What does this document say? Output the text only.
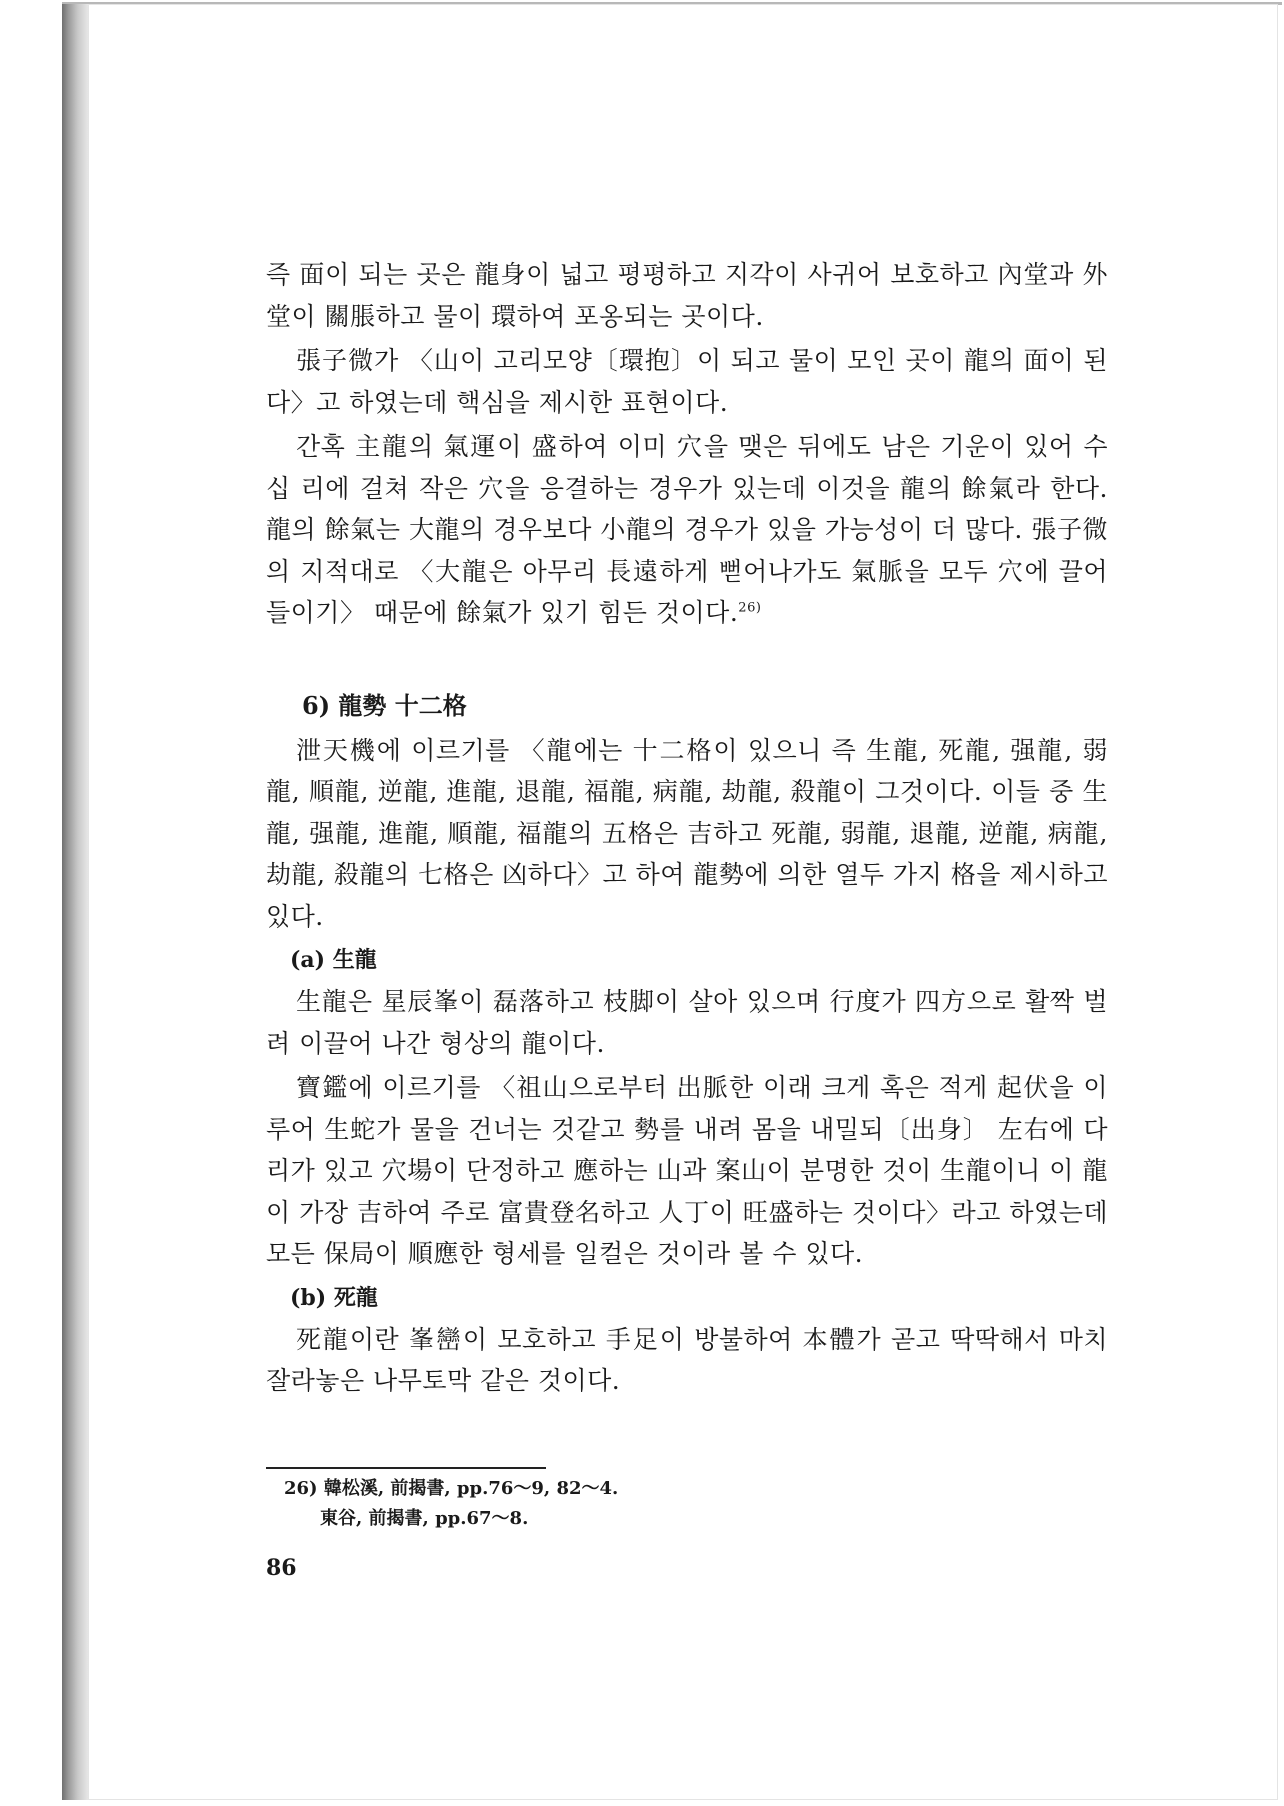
즉 面이 되는 곳은 龍身이 넓고 평평하고 지각이 사귀어 보호하고 內堂과 外堂이 關脹하고 물이 環하여 포옹되는 곳이다.

張子微가 〈山이 고리모양〔環抱〕이 되고 물이 모인 곳이 龍의 面이 된다〉고 하였는데 핵심을 제시한 표현이다.

간혹 主龍의 氣運이 盛하여 이미 穴을 맺은 뒤에도 남은 기운이 있어 수십 리에 걸쳐 작은 穴을 응결하는 경우가 있는데 이것을 龍의 餘氣라 한다. 龍의 餘氣는 大龍의 경우보다 小龍의 경우가 있을 가능성이 더 많다. 張子微의 지적대로 〈大龍은 아무리 長遠하게 뻗어나가도 氣脈을 모두 穴에 끌어들이기〉 때문에 餘氣가 있기 힘든 것이다.$^{26)}$

6) 龍勢 十二格

泄天機에 이르기를 〈龍에는 十二格이 있으니 즉 生龍, 死龍, 强龍, 弱龍, 順龍, 逆龍, 進龍, 退龍, 福龍, 病龍, 劫龍, 殺龍이 그것이다. 이들 중 生龍, 强龍, 進龍, 順龍, 福龍의 五格은 吉하고 死龍, 弱龍, 退龍, 逆龍, 病龍, 劫龍, 殺龍의 七格은 凶하다〉고 하여 龍勢에 의한 열두 가지 格을 제시하고 있다.

(a) 生龍

生龍은 星辰峯이 磊落하고 枝脚이 살아 있으며 行度가 四方으로 활짝 벌려 이끌어 나간 형상의 龍이다.

寶鑑에 이르기를 〈祖山으로부터 出脈한 이래 크게 혹은 적게 起伏을 이루어 生蛇가 물을 건너는 것같고 勢를 내려 몸을 내밀되〔出身〕 左右에 다리가 있고 穴場이 단정하고 應하는 山과 案山이 분명한 것이 生龍이니 이 龍이 가장 吉하여 주로 富貴登名하고 人丁이 旺盛하는 것이다〉라고 하였는데 모든 保局이 順應한 형세를 일컬은 것이라 볼 수 있다.

(b) 死龍

死龍이란 峯巒이 모호하고 手足이 방불하여 本體가 곧고 딱딱해서 마치 잘라놓은 나무토막 같은 것이다.

26) 韓松溪, 前揭書, pp.76～9, 82～4.
東谷, 前揭書, pp.67～8.
86
